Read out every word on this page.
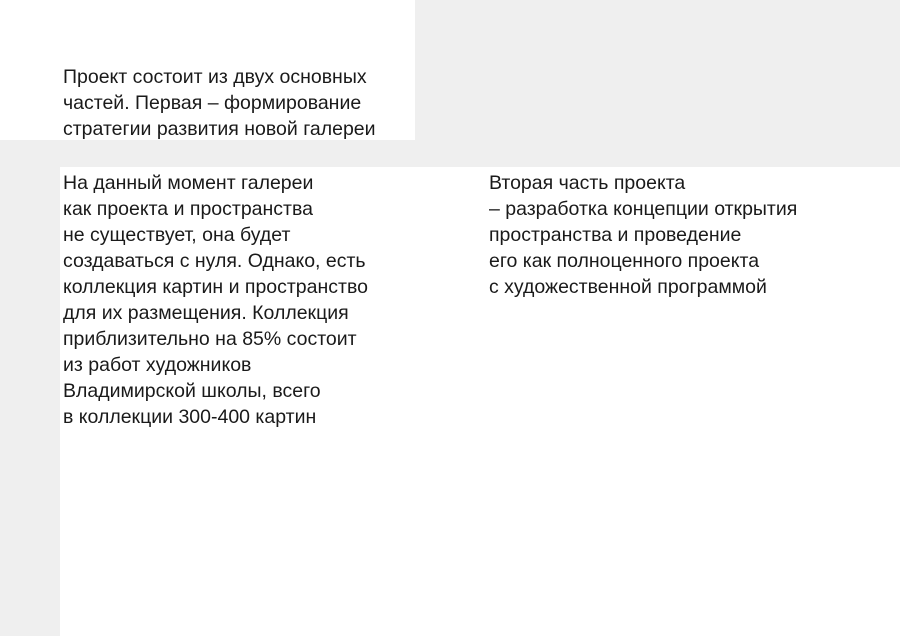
Проект состоит из двух основных
частей. Первая – формирование
стратегии развития новой галереи
На данный момент галереи
как проекта и пространства
не существует, она будет
создаваться с нуля. Однако, есть
коллекция картин и пространство
для их размещения. Коллекция
приблизительно на 85% состоит
из работ художников
Владимирской школы, всего
в коллекции 300-400 картин
Вторая часть проекта
– разработка концепции открытия
пространства и проведение
его как полноценного проекта
с художественной программой
